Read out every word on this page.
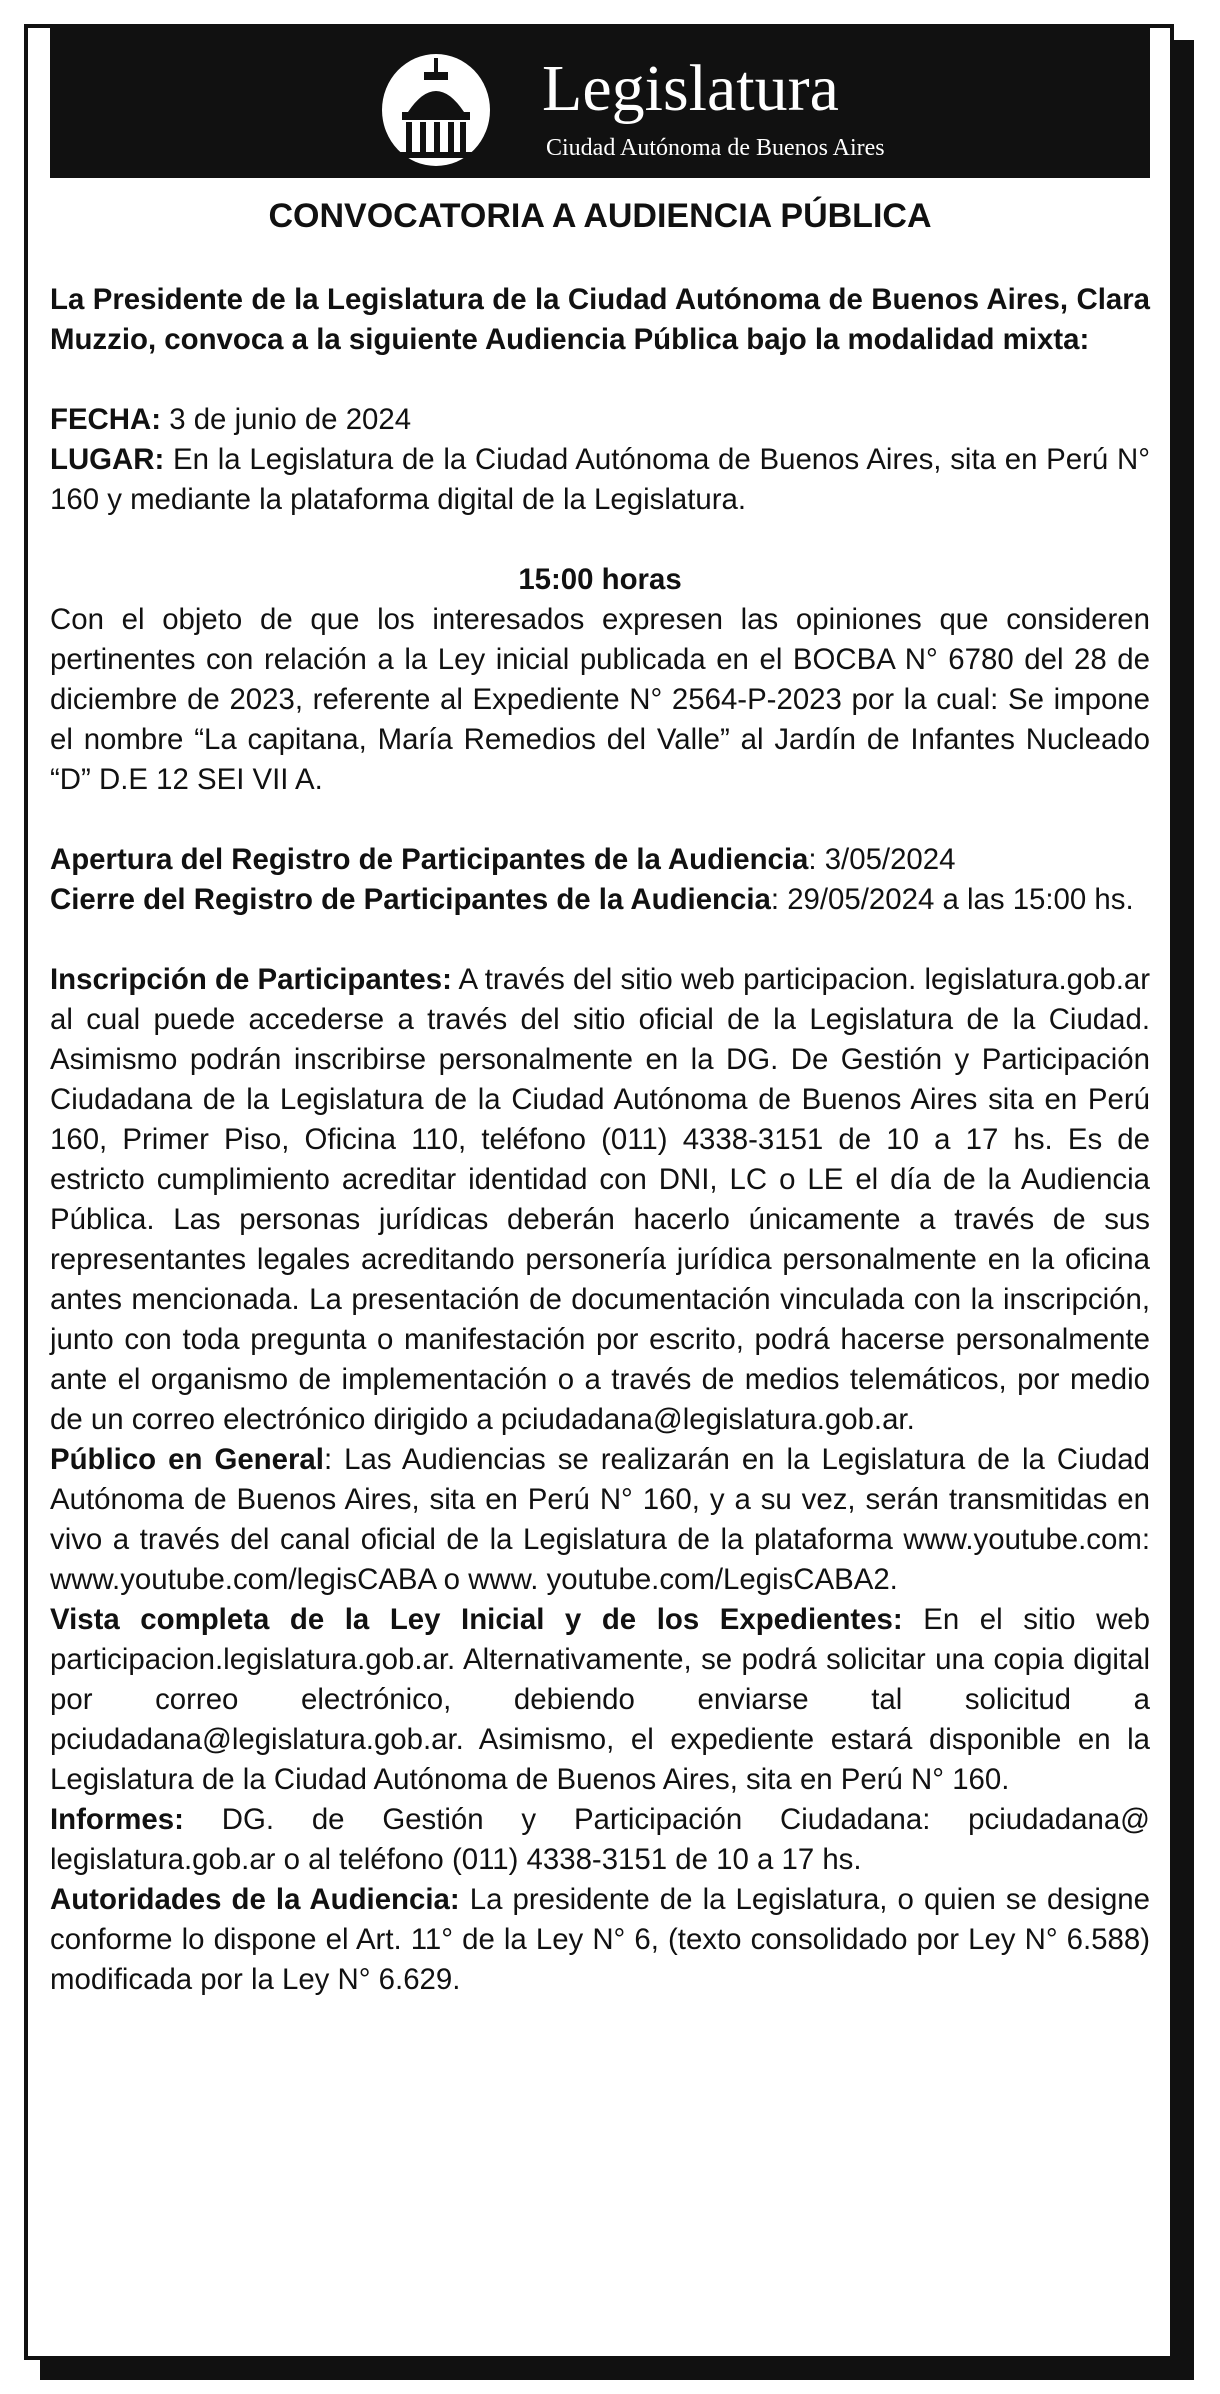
Legislatura
Ciudad Autónoma de Buenos Aires
CONVOCATORIA A AUDIENCIA PÚBLICA

La Presidente de la Legislatura de la Ciudad Autónoma de Buenos Aires, Clara Muzzio, convoca a la siguiente Audiencia Pública bajo la modalidad mixta:

FECHA: 3 de junio de 2024

LUGAR: En la Legislatura de la Ciudad Autónoma de Buenos Aires, sita en Perú N° 160 y mediante la plataforma digital de la Legislatura.

15:00 horas

Con el objeto de que los interesados expresen las opiniones que consideren pertinentes con relación a la Ley inicial publicada en el BOCBA N° 6780 del 28 de diciembre de 2023, referente al Expediente N° 2564-P-2023 por la cual: Se impone el nombre “La capitana, María Remedios del Valle” al Jardín de Infantes Nucleado “D” D.E 12 SEI VII A.

Apertura del Registro de Participantes de la Audiencia: 3/05/2024

Cierre del Registro de Participantes de la Audiencia: 29/05/2024 a las 15:00 hs.

Inscripción de Participantes: A través del sitio web participacion. legislatura.gob.ar al cual puede accederse a través del sitio oficial de la Legislatura de la Ciudad. Asimismo podrán inscribirse personalmente en la DG. De Gestión y Participación Ciudadana de la Legislatura de la Ciudad Autónoma de Buenos Aires sita en Perú 160, Primer Piso, Oficina 110, teléfono (011) 4338-3151 de 10 a 17 hs. Es de estricto cumplimiento acreditar identidad con DNI, LC o LE el día de la Audiencia Pública. Las personas jurídicas deberán hacerlo únicamente a través de sus representantes legales acreditando personería jurídica personalmente en la oficina antes mencionada. La presentación de documentación vinculada con la inscripción, junto con toda pregunta o manifestación por escrito, podrá hacerse personalmente ante el organismo de implementación o a través de medios telemáticos, por medio de un correo electrónico dirigido a pciudadana@legislatura.gob.ar.

Público en General: Las Audiencias se realizarán en la Legislatura de la Ciudad Autónoma de Buenos Aires, sita en Perú N° 160, y a su vez, serán transmitidas en vivo a través del canal oficial de la Legislatura de la plataforma www.youtube.com: www.youtube.com/legisCABA o www. youtube.com/LegisCABA2.

Vista completa de la Ley Inicial y de los Expedientes: En el sitio web participacion.legislatura.gob.ar. Alternativamente, se podrá solicitar una copia digital por correo electrónico, debiendo enviarse tal solicitud a pciudadana@legislatura.gob.ar. Asimismo, el expediente estará disponible en la Legislatura de la Ciudad Autónoma de Buenos Aires, sita en Perú N° 160.

Informes: DG. de Gestión y Participación Ciudadana: pciudadana@ legislatura.gob.ar o al teléfono (011) 4338-3151 de 10 a 17 hs.

Autoridades de la Audiencia: La presidente de la Legislatura, o quien se designe conforme lo dispone el Art. 11° de la Ley N° 6, (texto consolidado por Ley N° 6.588) modificada por la Ley N° 6.629.
